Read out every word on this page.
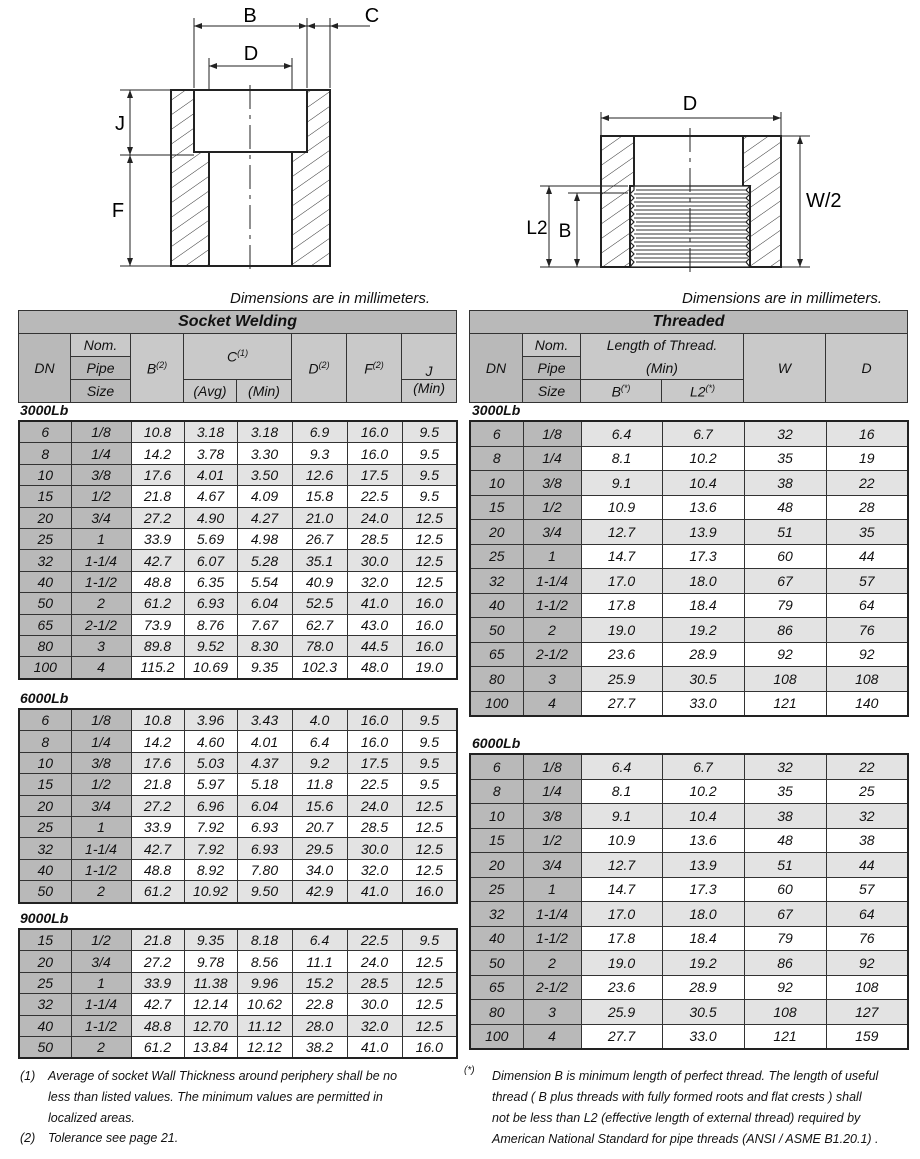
B	C
D
J
F
D
W/2
L2 B
Dimensions are in millimeters.	Dimensions are in millimeters.
Socket Welding							
DN	Nom.	$B^{(2)}$	$C^{(1)}$		$D^{(2)}$	$F^{(2)}$	J
	Pipe						
	Size		(Avg)	(Min)			(Min)
Threaded					
DN	Nom.	Length of Thread.		W	D
	Pipe	(Min)			
	Size	B(*)	L2(*)
3000Lb
6	1/8	10.8	3.18	3.18	6.9	16.0	9.5
8	1/4	14.2	3.78	3.30	9.3	16.0	9.5
10	3/8	17.6	4.01	3.50	12.6	17.5	9.5
15	1/2	21.8	4.67	4.09	15.8	22.5	9.5
20	3/4	27.2	4.90	4.27	21.0	24.0	12.5
25	1	33.9	5.69	4.98	26.7	28.5	12.5
32	1-1/4	42.7	6.07	5.28	35.1	30.0	12.5
40	1-1/2	48.8	6.35	5.54	40.9	32.0	12.5
50	2	61.2	6.93	6.04	52.5	41.0	16.0
65	2-1/2	73.9	8.76	7.67	62.7	43.0	16.0
80	3	89.8	9.52	8.30	78.0	44.5	16.0
100	4	115.2	10.69	9.35	102.3	48.0	19.0
6000Lb
6	1/8	10.8	3.96	3.43	4.0	16.0	9.5
8	1/4	14.2	4.60	4.01	6.4	16.0	9.5
10	3/8	17.6	5.03	4.37	9.2	17.5	9.5
15	1/2	21.8	5.97	5.18	11.8	22.5	9.5
20	3/4	27.2	6.96	6.04	15.6	24.0	12.5
25	1	33.9	7.92	6.93	20.7	28.5	12.5
32	1-1/4	42.7	7.92	6.93	29.5	30.0	12.5
40	1-1/2	48.8	8.92	7.80	34.0	32.0	12.5
50	2	61.2	10.92	9.50	42.9	41.0	16.0
9000Lb
15	1/2	21.8	9.35	8.18	6.4	22.5	9.5
20	3/4	27.2	9.78	8.56	11.1	24.0	12.5
25	1	33.9	11.38	9.96	15.2	28.5	12.5
32	1-1/4	42.7	12.14	10.62	22.8	30.0	12.5
40	1-1/2	48.8	12.70	11.12	28.0	32.0	12.5
50	2	61.2	13.84	12.12	38.2	41.0	16.0
3000Lb
6	1/8	6.4	6.7	32	16
8	1/4	8.1	10.2	35	19
10	3/8	9.1	10.4	38	22
15	1/2	10.9	13.6	48	28
20	3/4	12.7	13.9	51	35
25	1	14.7	17.3	60	44
32	1-1/4	17.0	18.0	67	57
40	1-1/2	17.8	18.4	79	64
50	2	19.0	19.2	86	76
65	2-1/2	23.6	28.9	92	92
80	3	25.9	30.5	108	108
100	4	27.7	33.0	121	140
6000Lb
6	1/8	6.4	6.7	32	22
8	1/4	8.1	10.2	35	25
10	3/8	9.1	10.4	38	32
15	1/2	10.9	13.6	48	38
20	3/4	12.7	13.9	51	44
25	1	14.7	17.3	60	57
32	1-1/4	17.0	18.0	67	64
40	1-1/2	17.8	18.4	79	76
50	2	19.0	19.2	86	92
65	2-1/2	23.6	28.9	92	108
80	3	25.9	30.5	108	127
100	4	27.7	33.0	121	159
(1) Average of socket Wall Thickness around periphery shall be no
less than listed values. The minimum values are permitted in
localized areas.
(2) Tolerance see page 21.
(*) Dimension B is minimum length of perfect thread. The length of useful
thread ( B plus threads with fully formed roots and flat crests ) shall
not be less than L2 (effective length of external thread) required by
American National Standard for pipe threads (ANSI / ASME B1.20.1) .
